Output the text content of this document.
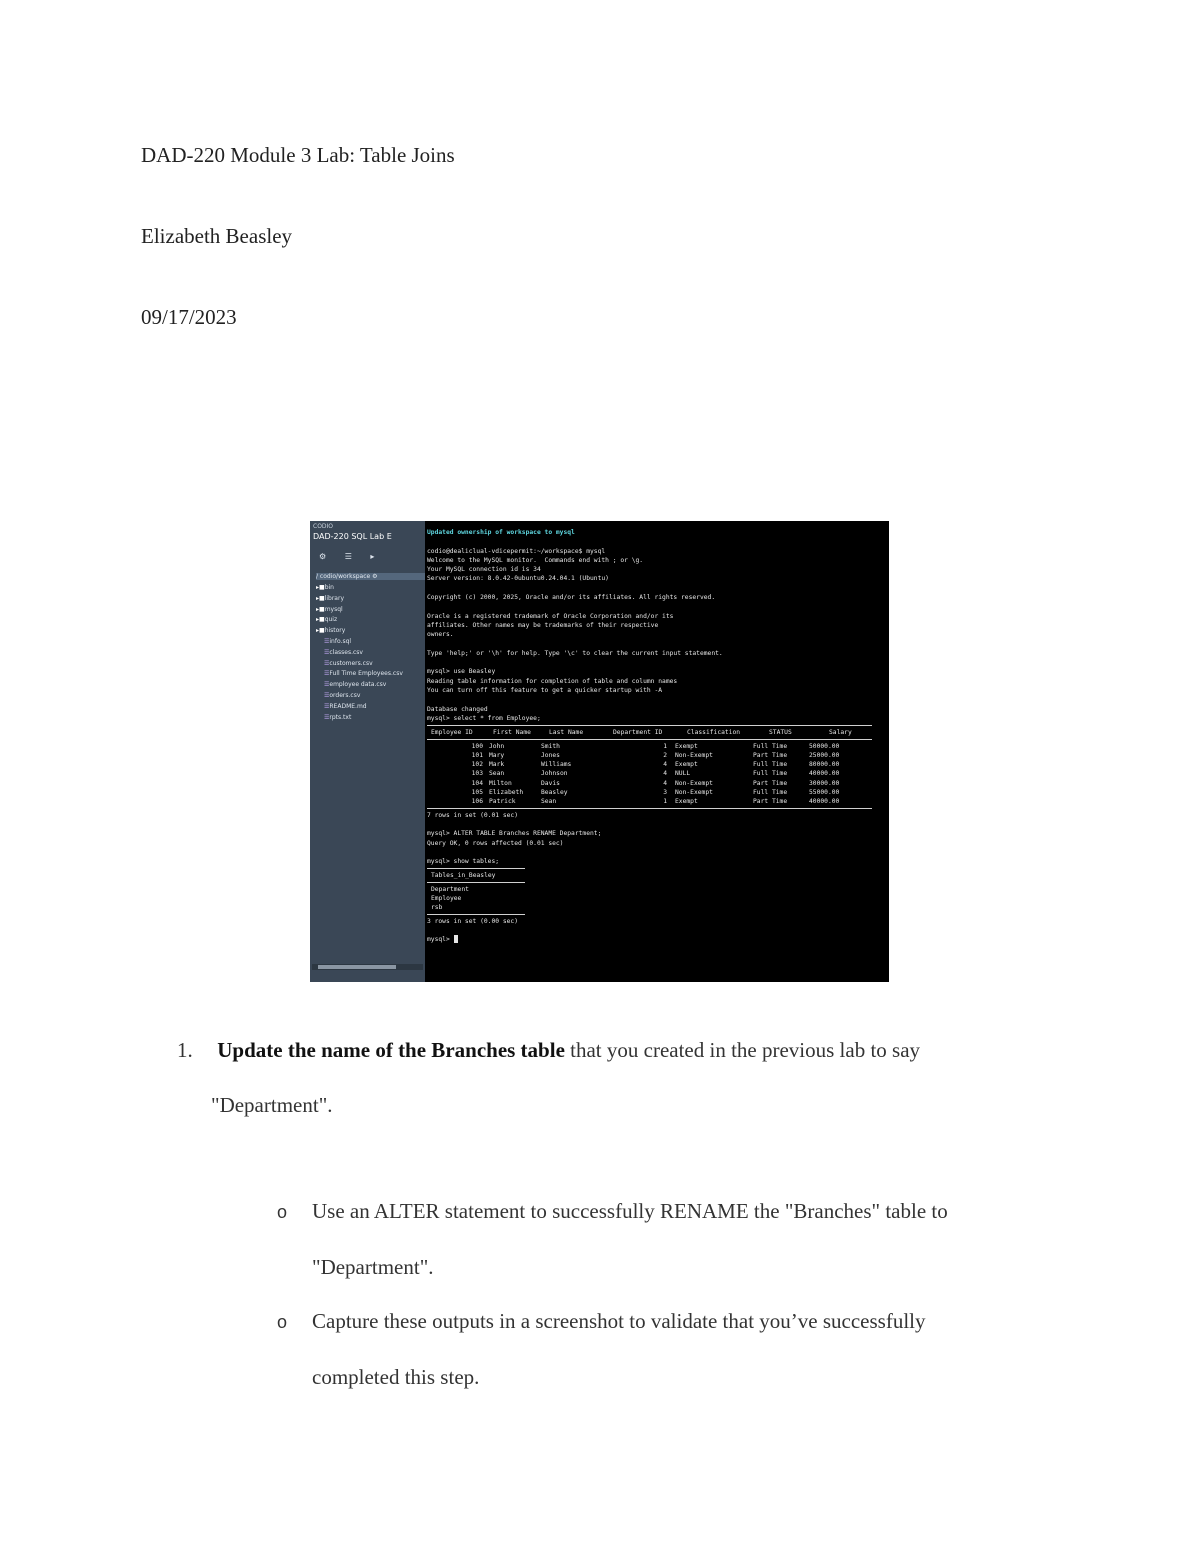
DAD-220 Module 3 Lab: Table Joins
Elizabeth Beasley
09/17/2023
CODIO
DAD-220 SQL Lab E
⚙ ☰ ▸
/ codio/workspace ⚙
▸■ bin
▸■ library
▸■ mysql
▸■ quiz
▸■ history
☰ info.sql
☰ classes.csv
☰ customers.csv
☰ Full Time Employees.csv
☰ employee data.csv
☰ orders.csv
☰ README.md
☰ rpts.txt
Updated ownership of workspace to mysql
codio@dealiclual-vdicepermit:~/workspace$ mysql
Welcome to the MySQL monitor.  Commands end with ; or \g.
Your MySQL connection id is 34
Server version: 8.0.42-0ubuntu0.24.04.1 (Ubuntu)
Copyright (c) 2000, 2025, Oracle and/or its affiliates. All rights reserved.
Oracle is a registered trademark of Oracle Corporation and/or its
affiliates. Other names may be trademarks of their respective
owners.
Type 'help;' or '\h' for help. Type '\c' to clear the current input statement.
mysql> use Beasley
Reading table information for completion of table and column names
You can turn off this feature to get a quicker startup with -A
Database changed
mysql> select * from Employee;
Employee ID	First Name	Last Name	Department ID	Classification	STATUS	Salary
100 John	Smith	1	Exempt	Full Time	50000.00
101 Mary	Jones	2	Non-Exempt	Part Time	25000.00
102 Mark	Williams	4	Exempt	Full Time	80000.00
103 Sean	Johnson	4	NULL	Full Time	40000.00
104 Milton	Davis	4	Non-Exempt	Part Time	30000.00
105 Elizabeth	Beasley	3	Non-Exempt	Full Time	55000.00
106 Patrick	Sean	1	Exempt	Part Time	40000.00
7 rows in set (0.01 sec)
mysql> ALTER TABLE Branches RENAME Department;
Query OK, 0 rows affected (0.01 sec)
mysql> show tables;
Tables_in_Beasley
Department
Employee
rsb
3 rows in set (0.00 sec)
mysql>
1. Update the name of the Branches table that you created in the previous lab to say
"Department".
o Use an ALTER statement to successfully RENAME the "Branches" table to
"Department".
o Capture these outputs in a screenshot to validate that you’ve successfully
completed this step.
